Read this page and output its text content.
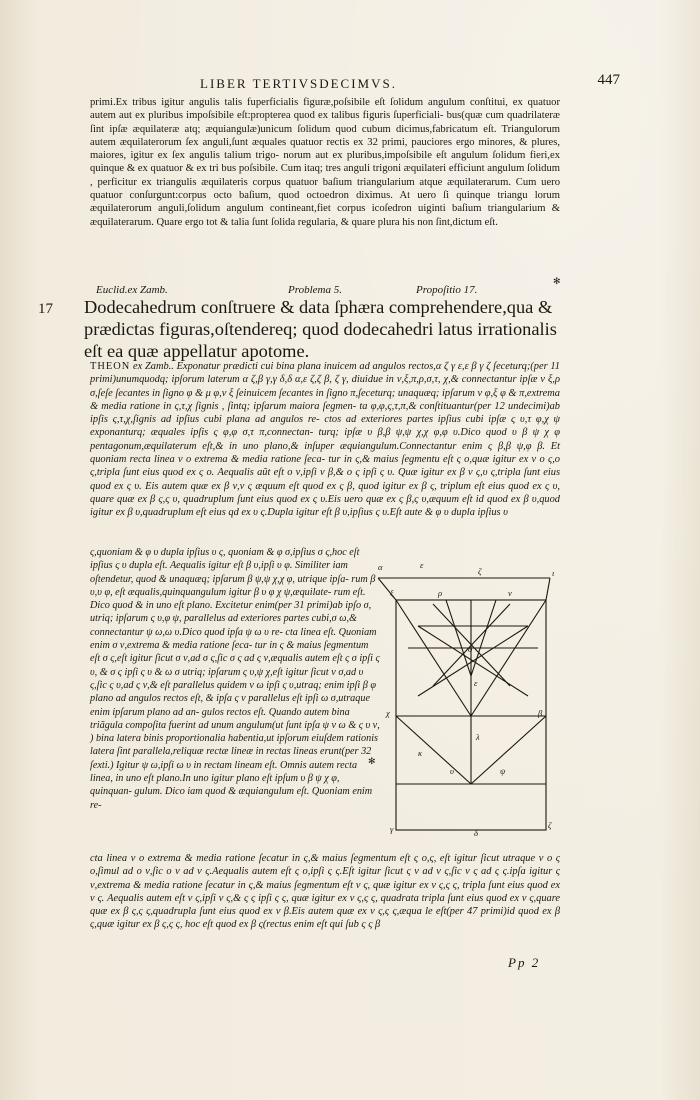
LIBER TERTIVSDECIMVS.	447
primi.Ex tribus igitur angulis talis fuperficialis figuræ,poſsibile eſt ſolidum angulum conſtitui, ex quatuor autem aut ex pluribus impoſsibile eſt:propterea quod ex talibus figuris ſuperficiali- bus(quæ cum quadrilateræ ſint ipſæ æquilateræ atq; æquiangulæ)unicum ſolidum quod cubum dicimus,fabricatum eſt. Triangulorum autem æquilaterorum ſex anguli,ſunt æquales quatuor rectis ex 32 primi, pauciores ergo minores, & plures, maiores, igitur ex ſex angulis talium trigo- norum aut ex pluribus,impoſsibile eſt angulum ſolidum fieri,ex quinque & ex quatuor & ex tri bus poſsibile. Cum itaq; tres anguli trigoni æquilateri efficiunt angulum ſolidum , perficitur ex triangulis æquilateris corpus quatuor baſium triangularium atque æquilaterarum. Cum uero quatuor conſurgunt:corpus octo baſium, quod octoedron diximus. At uero ſi quinque triangu lorum æquilaterorum anguli,ſolidum angulum contineant,fiet corpus icoſedron uiginti baſium triangularium & æquilaterarum. Quare ergo tot & talia ſunt ſolida regularia, & quare plura his non ſint,dictum eſt.
Euclid.ex Zamb.	Problema 5.	Propoſitio 17.
17 Dodecahedrum conſtruere & data ſphæra comprehendere,qua & prædictas figuras,oſtendereq; quod dodecahedri latus irrationalis eſt ea quæ appellatur apotome.
THEON ex Zamb.. Exponatur prædicti cui bina plana inuicem ad angulos rectos,α ζ γ ε,ε β γ ζ ſeceturq;(per 11 primi)unumquodq; ipſorum laterum α ζ,β γ,γ δ,δ α,ε ζ,ζ β, ζ γ, diuidue in ν,ξ,π,ρ,σ,τ, χ,& connectantur ipſæ ν ξ,ρ σ,ſeſe ſecantes in ſigno φ & μ φ,ν ξ ſeinuicem ſecantes in ſigno π,ſeceturq; unaquæq; ipſarum ν φ,ξ φ & π,extrema & media ratione in ς,τ,χ ſignis , ſintq; ipſarum maiora ſegmen- ta φ,φ,ς,τ,π,& conſtituantur(per 12 undecimi)ab ipſis ς,τ,χ,ſignis ad ipſius cubi plana ad angulos re- ctos ad exteriores partes ipſius cubi ipſæ ς υ,τ φ,χ ψ exponanturq; æquales ipſis ς φ,φ σ,τ π,connectan- turq; ipſæ υ β,β ψ,ψ χ,χ φ,φ υ.Dico quod υ β ψ χ φ pentagonum,æquilaterum eſt,& in uno plano,& inſuper æquiangulum.Connectantur enim ς β,β ψ,φ β. Et quoniam recta linea ν ο extrema & media ratione ſeca- tur in ς,& maius ſegmentu eſt ς ο,quæ igitur ex ν ο ς,ο ς,tripla ſunt eius quod ex ς ο. Aequalis aũt eſt ο ν,ipſi ν β,& ο ς ipſi ς υ. Quæ igitur ex β ν ς,υ ς,tripla ſunt eius quod ex ς υ. Eis autem quæ ex β ν,ν ς æquum eſt quod ex ς β, quod igitur ex β ς, triplum eſt eius quod ex ς υ, quare quæ ex β ς,ς υ, quadruplum ſunt eius quod ex ς υ.Eis uero quæ ex ς β,ς υ,æquum eſt id quod ex β υ,quod igitur ex β υ,quadruplum eſt eius qd ex υ ς.Dupla igitur eſt β υ,ipſius ς υ.Eſt aute & φ υ dupla ipſius υ
ς,quoniam & φ υ dupla ipſius υ ς, quoniam & φ σ,ipſius σ ς,hoc eſt ipſius ς υ dupla eſt. Aequalis igitur eſt β υ,ipſi υ φ. Similiter iam oſtendetur, quod & unaquæq; ipſarum β ψ,ψ χ,χ φ, utrique ipſa- rum β υ,υ φ, eſt æqualis,quinquangulum igitur β υ φ χ ψ,æquilate- rum eſt. Dico quod & in uno eſt plano. Excitetur enim(per 31 primi)ab ipſo σ, utriq; ipſarum ς υ,φ ψ, parallelus ad exteriores partes cubi,σ ω,& connectantur ψ ω,ω υ.Dico quod ipſa ψ ω υ re- cta linea eſt. Quoniam enim σ ν,extrema & media ratione ſeca- tur in ς & maius ſegmentum eſt σ ς,eſt igitur ſicut σ ν,ad σ ς,ſic σ ς ad ς ν,æqualis autem eſt ς σ ipſi ς υ, & σ ς ipſi ς υ & ω σ utriq; ipſarum ς υ,ψ χ,eſt igitur ſicut ν σ,ad υ ς,ſic ς υ,ad ς ν,& eſt parallelus quidem ν ω ipſi ς υ,utraq; enim ipſi β φ plano ad angulos rectos eſt, & ipſa ς ν parallelus eſt ipſi ω σ,utraque enim ipſarum plano ad an- gulos rectos eſt. Quando autem bina triãgula compoſita fuerint ad unum angulum(ut ſunt ipſa ψ ν ω & ς υ ν, ) bina latera binis proportionalia habentia,ut ipſorum eiuſdem rationis latera ſint parallela,reliquæ rectæ lineæ in rectas lineas erunt(per 32 ſexti.) Igitur ψ ω,ipſi ω υ in rectam lineam eſt. Omnis autem recta linea, in uno eſt plano.In uno igitur plano eſt ipſum υ β ψ χ φ, quinquan- gulum. Dico iam quod & æquiangulum eſt. Quoniam enim re-
α	ε
ζ	ι
ρ	ν
ξ
ο
ε
χ
κ
λ
γ	δ
ζ
β
υ	ψ
cta linea ν ο extrema & media ratione ſecatur in ς,& maius ſegmentum eſt ς ο,ς, eſt igitur ſicut utraque ν ο ς ο,ſimul ad ο ν,ſic ο ν ad ν ς.Aequalis autem eſt ς ο,ipſi ς ς.Eſt igitur ſicut ς ν ad ν ς,ſic ν ς ad ς ς.ipſa igitur ς ν,extrema & media ratione ſecatur in ς,& maius ſegmentum eſt ν ς, quæ igitur ex ν ς,ς ς, tripla ſunt eius quod ex ν ς. Aequalis autem eſt ν ς,ipſi ν ς,& ς ς ipſi ς ς, quæ igitur ex ν ς,ς ς, quadrata tripla ſunt eius quod ex ν ς,quare quæ ex β ς,ς ς,quadrupla ſunt eius quod ex ν β.Eis autem quæ ex ν ς,ς ς,æqua le eſt(per 47 primi)id quod ex β ς,quæ igitur ex β ς,ς ς, hoc eſt quod ex β ς(rectus enim eſt qui ſub ς ς β
Pp 2
✻
✻
